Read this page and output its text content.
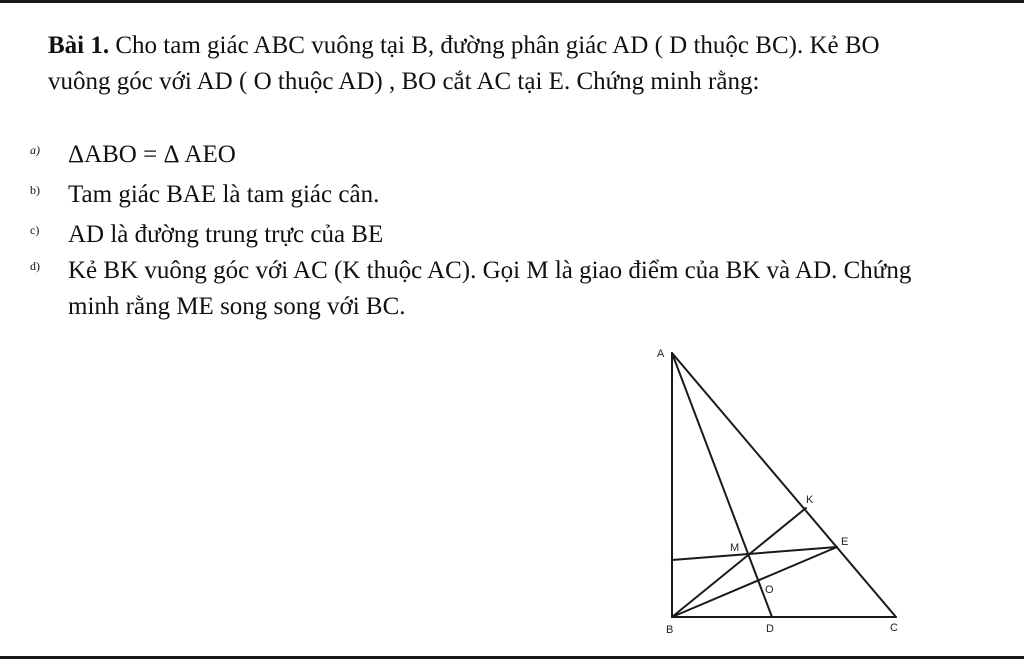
Bài 1. Cho tam giác ABC vuông tại B, đường phân giác AD ( D thuộc BC). Kẻ BO vuông góc với AD ( O thuộc AD) , BO cắt AC tại E. Chứng minh rằng:
a) ΔABO = Δ AEO
b) Tam giác BAE là tam giác cân.
c) AD là đường trung trực của BE
d) Kẻ BK vuông góc với AC (K thuộc AC). Gọi M là giao điểm của BK và AD. Chứng minh rằng ME song song với BC.
A
B	C
D
E
K
M
O
